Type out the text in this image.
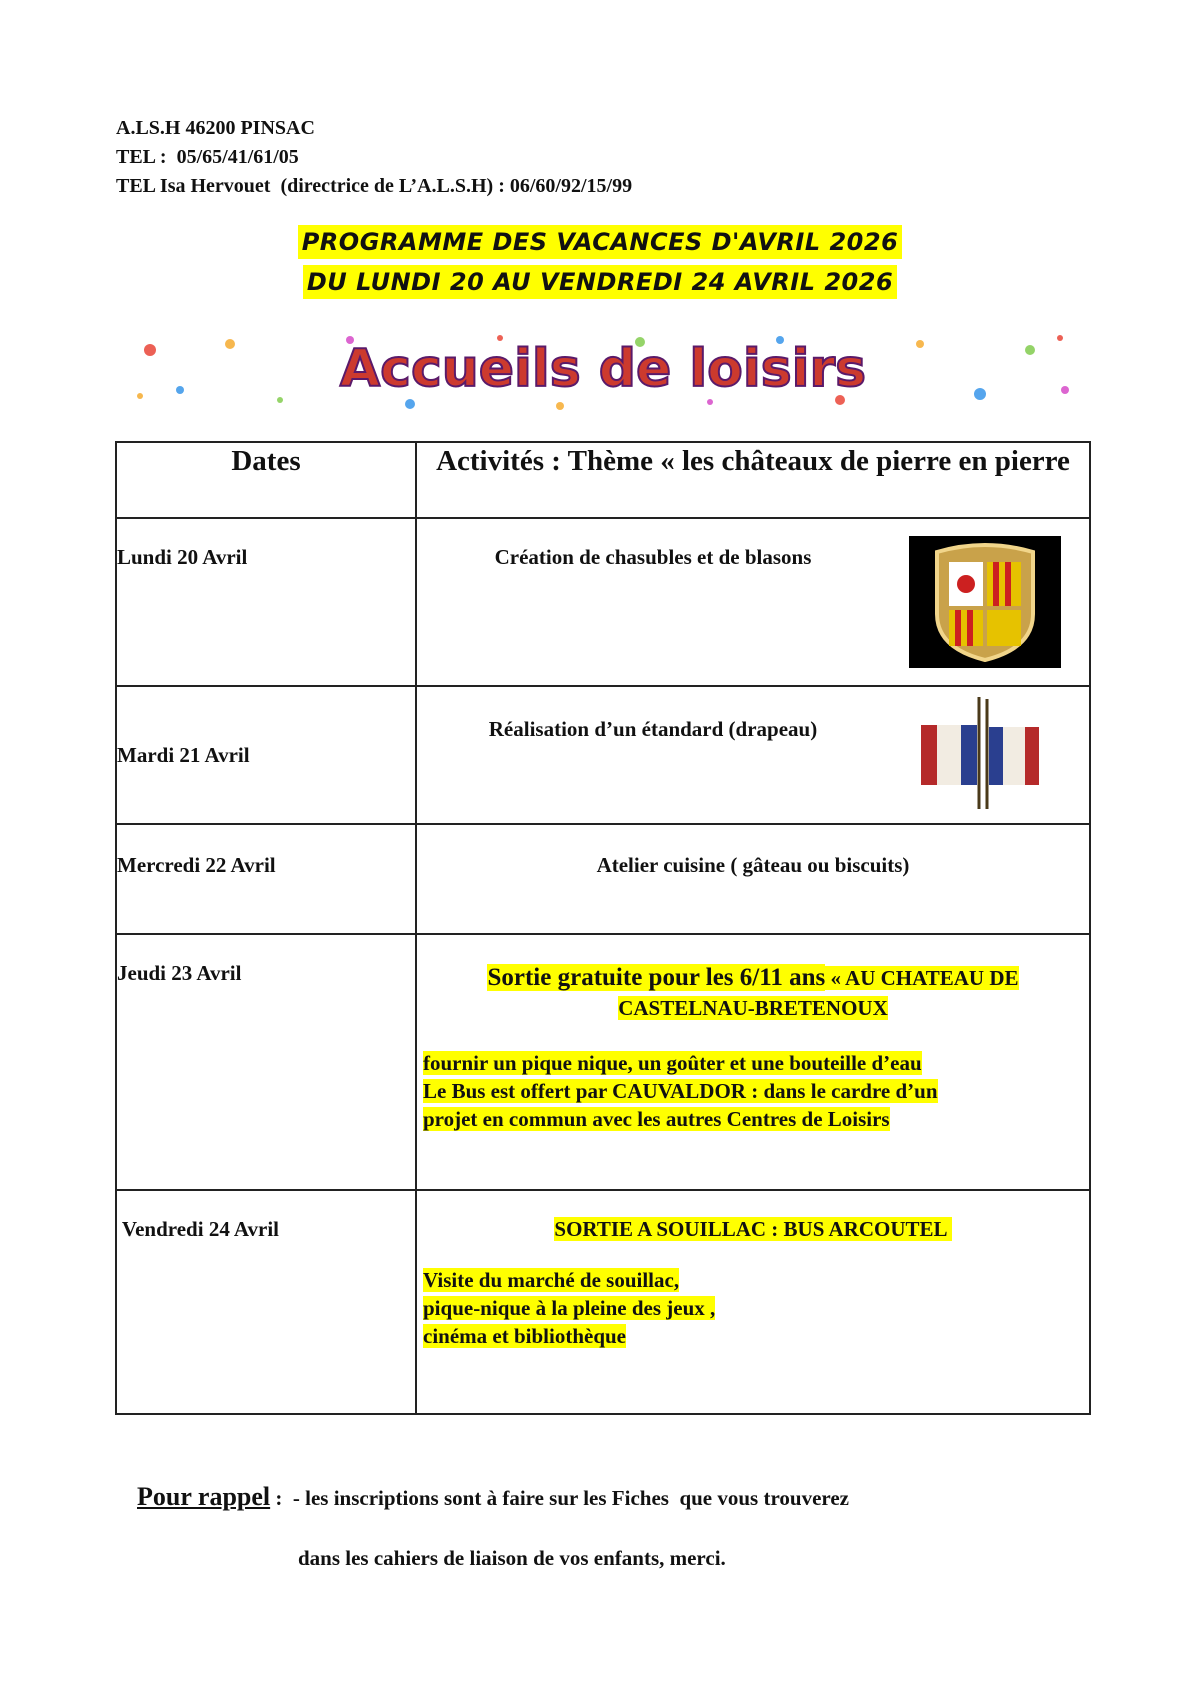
A.LS.H 46200 PINSAC
TEL :  05/65/41/61/05
TEL Isa Hervouet  (directrice de L’A.L.S.H) : 06/60/92/15/99
PROGRAMME DES VACANCES D'AVRIL 2026
DU LUNDI 20 AU VENDREDI 24 AVRIL 2026
Accueils de loisirs
Dates	Activités : Thème « les châteaux de pierre en pierre

Lundi 20 Avril	Création de chasubles et de blasons

Mardi 21 Avril	Réalisation d’un étandard (drapeau)

Mercredi 22 Avril	Atelier cuisine ( gâteau ou biscuits)

Jeudi 23 Avril	Sortie gratuite pour les 6/11 ans « AU CHATEAU DE
CASTELNAU-BRETENOUX
fournir un pique nique, un goûter et une bouteille d’eau
Le Bus est offert par CAUVALDOR : dans le cardre d’un
projet en commun avec les autres Centres de Loisirs

Vendredi 24 Avril	SORTIE A SOUILLAC : BUS ARCOUTEL
Visite du marché de souillac,
pique-nique à la pleine des jeux ,
cinéma et bibliothèque

Pour rappel :  - les inscriptions sont à faire sur les Fiches  que vous trouverez

dans les cahiers de liaison de vos enfants, merci.
